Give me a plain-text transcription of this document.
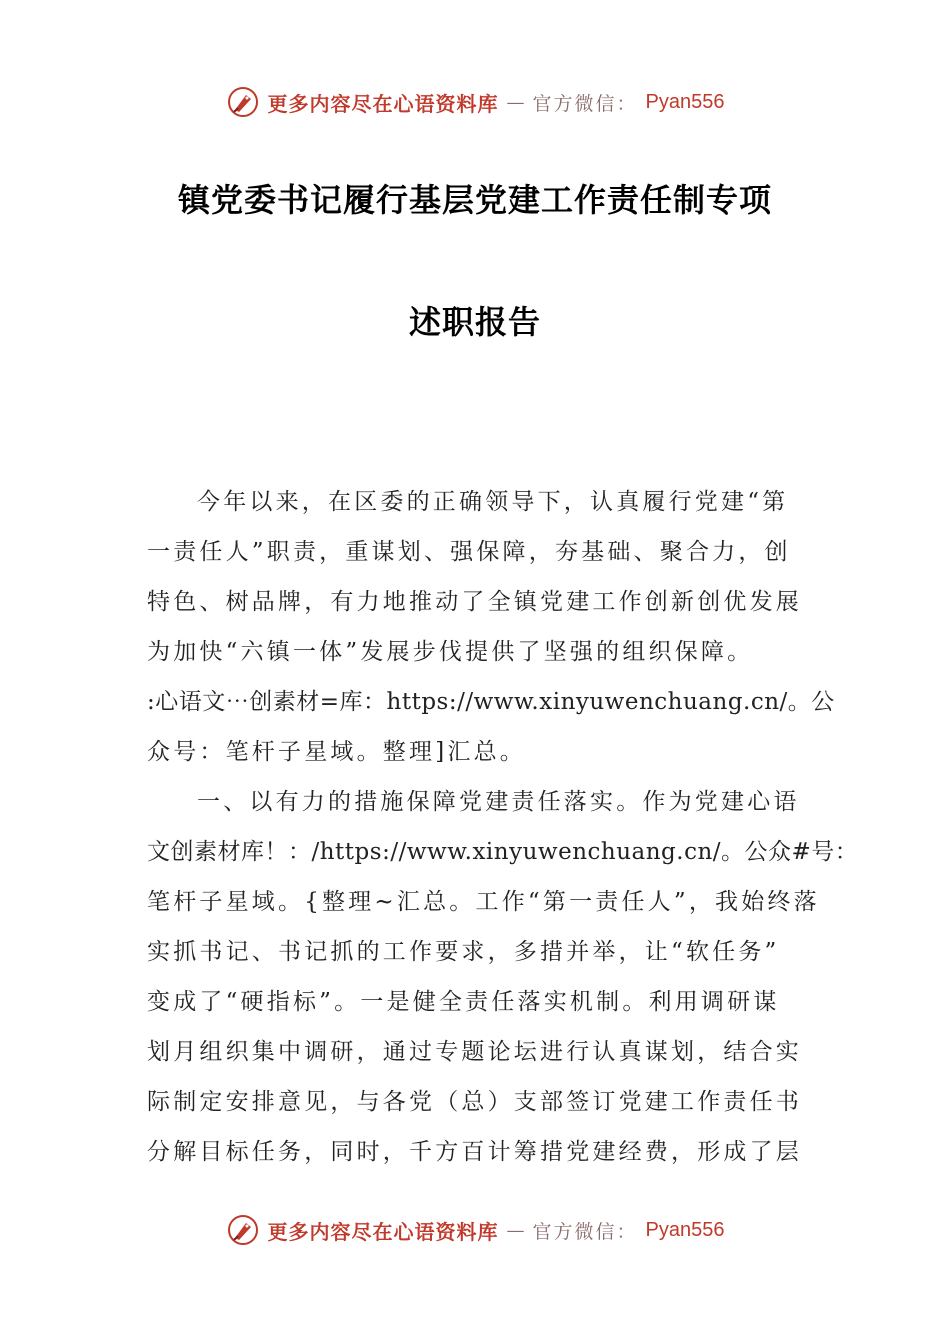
更多内容尽在心语资料库 — 官方微信： Pyan556
镇党委书记履行基层党建工作责任制专项
述职报告
今年以来，在区委的正确领导下，认真履行党建“第
一责任人”职责，重谋划、强保障，夯基础、聚合力，创
特色、树品牌，有力地推动了全镇党建工作创新创优发展
为加快“六镇一体”发展步伐提供了坚强的组织保障。
:心语文⋯创素材=库：https://www.xinyuwenchuang.cn/。公
众号：笔杆子星域。整理]汇总。
一、以有力的措施保障党建责任落实。作为党建心语
文创素材库！：/https://www.xinyuwenchuang.cn/。公众#号：
笔杆子星域。{整理~汇总。工作“第一责任人”，我始终落
实抓书记、书记抓的工作要求，多措并举，让“软任务”
变成了“硬指标”。一是健全责任落实机制。利用调研谋
划月组织集中调研，通过专题论坛进行认真谋划，结合实
际制定安排意见，与各党（总）支部签订党建工作责任书
分解目标任务，同时，千方百计筹措党建经费，形成了层
更多内容尽在心语资料库 — 官方微信： Pyan556
